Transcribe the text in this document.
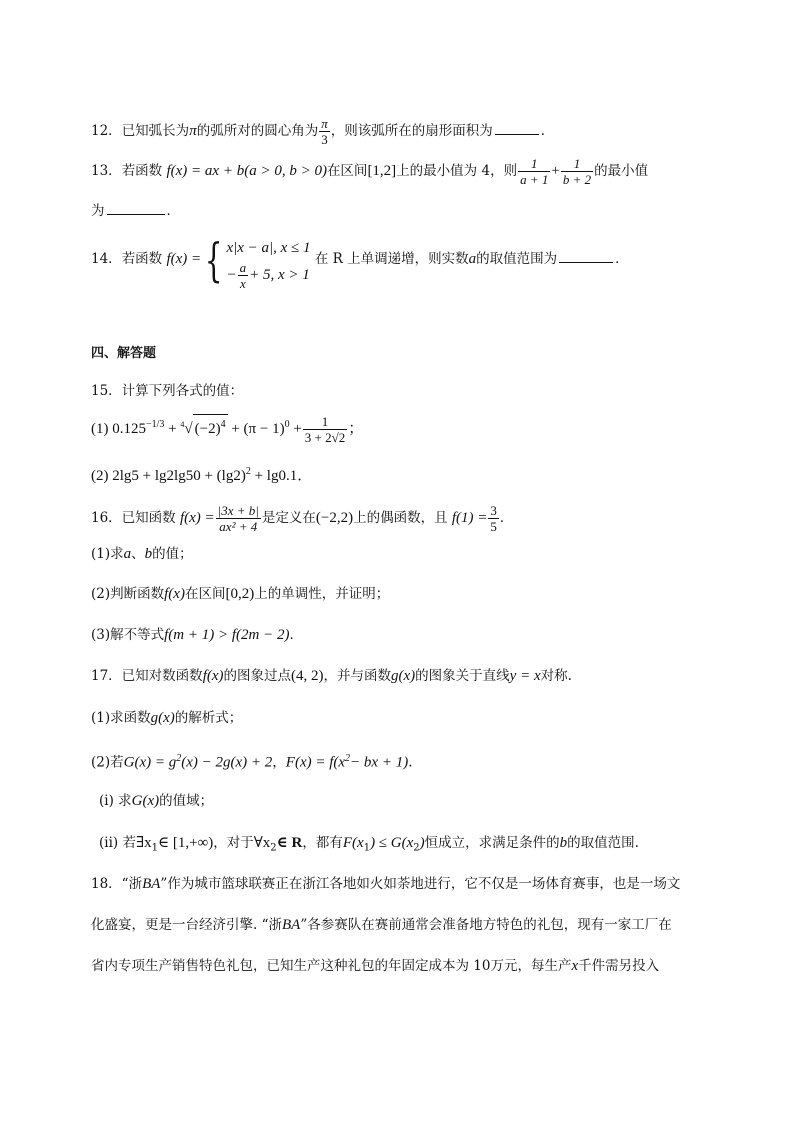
12．已知弧长为π的弧所对的圆心角为 $\frac{\pi}{3}$ ，则该弧所在的扇形面积为	．
13．若函数 f(x) = ax + b(a > 0, b > 0)在区间[1,2]上的最小值为 4，则 $\frac{1}{a + 1} + \frac{1}{b + 2}$ 的最小值
为	．
14．若函数 f(x) ={ x|x − a|, x ≤ 1
− $\frac{a}{x} + 5$, x > 1
在 R 上单调递增，则实数a的取值范围为	．
四、解答题
15．计算下列各式的值：
(1) $0.125^{-1/3} + ^4√$ $(-2)^4 + (\pi - 1)^0 + \frac{1}{3 + 2√2}$ ；
(2) $2\lg 5 + \lg 2\lg 50 + (\lg 2)^2 + \lg 0.1$．
16．已知函数 $f(x) = \frac{|3x + b|}{\text{ax² + 4}}$ 是定义在(−2,2)上的偶函数，且 $f(1) = \frac{3}{5}$ ．
(1)求a、b的值；
(2)判断函数f(x)在区间[0,2)上的单调性，并证明；
(3)解不等式f(m + 1) > f(2m − 2)．
17．已知对数函数f(x)的图象过点(4, 2)，并与函数g(x)的图象关于直线y = x对称.
(1)求函数g(x)的解析式；
(2)若$G(x) = g^2(x) - 2g(x) + 2$，$F(x) = f(x^2-$ bx + 1).
(i) 求G(x)的值域；
(ii) 若$\exists x_1\in$ [1,+∞)，对于$\forall x_2\in$ R，都有$F(x_1) \le G(x_2)$恒成立，求满足条件的b的取值范围.
18．“浙BA”作为城市篮球联赛正在浙江各地如火如荼地进行，它不仅是一场体育赛事，也是一场文
化盛宴，更是一台经济引擎. “浙BA”各参赛队在赛前通常会准备地方特色的礼包，现有一家工厂在
省内专项生产销售特色礼包，已知生产这种礼包的年固定成本为 10万元，每生产x千件需另投入
